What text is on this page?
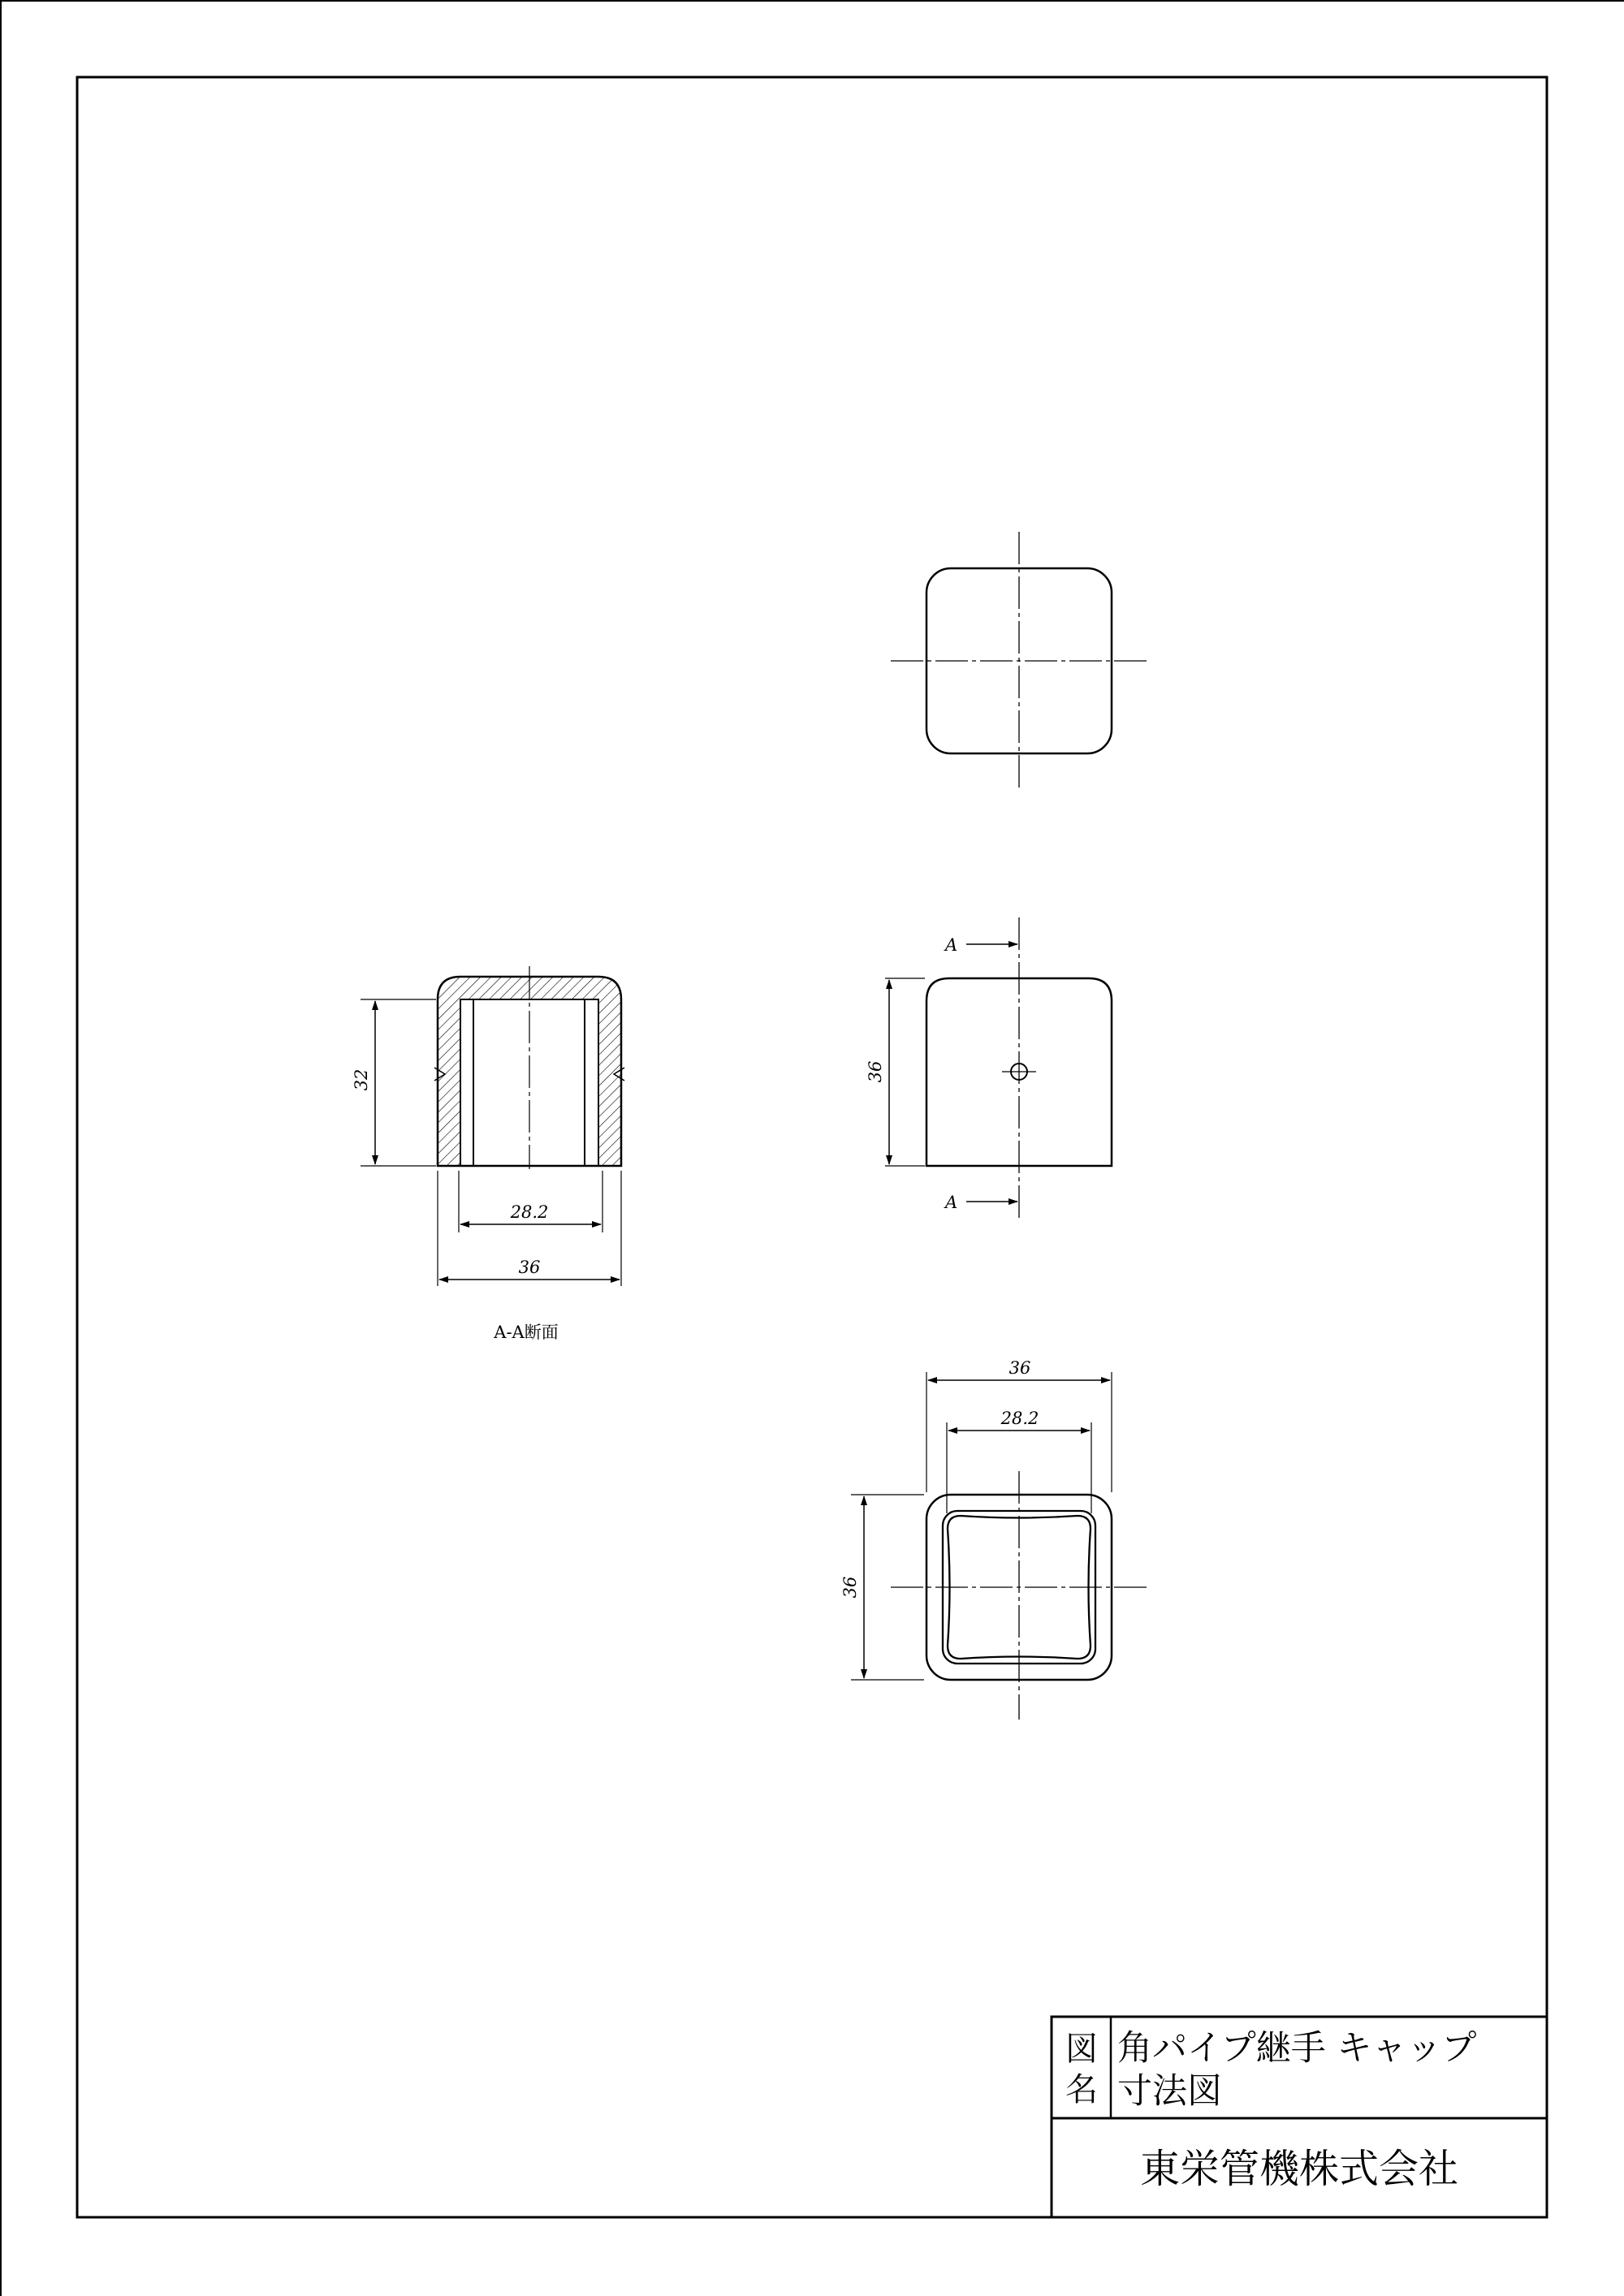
A
A
36
32
28.2
36
A-A断面
36
28.2
36
図
名
角パイプ継手 キャップ
寸法図
東栄管機株式会社
